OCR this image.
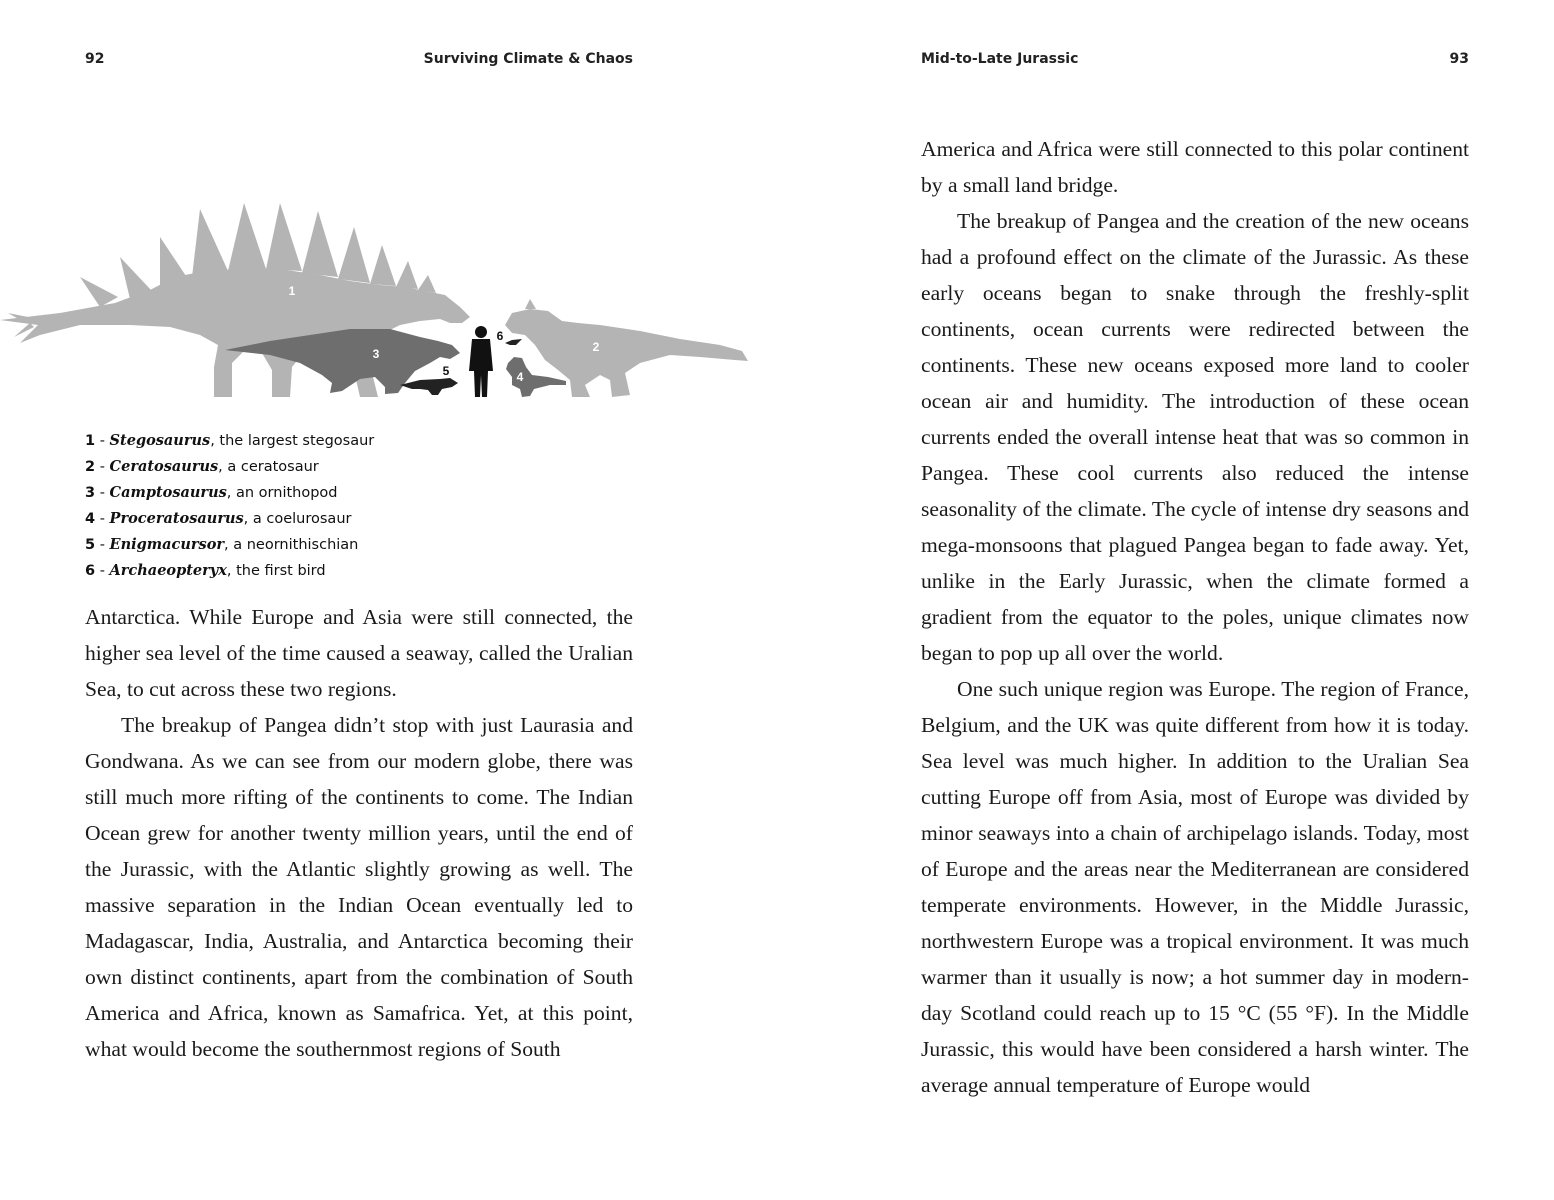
92	Surviving Climate & Chaos
1
2
3
5
6
4
1 - Stegosaurus, the largest stegosaur
2 - Ceratosaurus, a ceratosaur
3 - Camptosaurus, an ornithopod
4 - Proceratosaurus, a coelurosaur
5 - Enigmacursor, a neornithischian
6 - Archaeopteryx, the first bird

Antarctica. While Europe and Asia were still connected, the higher sea level of the time caused a seaway, called the Uralian Sea, to cut across these two regions.

The breakup of Pangea didn’t stop with just Laurasia and Gondwana. As we can see from our modern globe, there was still much more rifting of the continents to come. The Indian Ocean grew for another twenty million years, until the end of the Jurassic, with the Atlantic slightly growing as well. The massive separation in the Indian Ocean eventually led to Madagascar, India, Australia, and Antarctica becoming their own distinct continents, apart from the combination of South America and Africa, known as Samafrica. Yet, at this point, what would become the southernmost regions of South

Mid-to-Late Jurassic	93

America and Africa were still connected to this polar continent by a small land bridge.

The breakup of Pangea and the creation of the new oceans had a profound effect on the climate of the Jurassic. As these early oceans began to snake through the freshly-split continents, ocean currents were redirected between the continents. These new oceans exposed more land to cooler ocean air and humidity. The introduction of these ocean currents ended the overall intense heat that was so common in Pangea. These cool currents also reduced the intense seasonality of the climate. The cycle of intense dry seasons and mega-monsoons that plagued Pangea began to fade away. Yet, unlike in the Early Jurassic, when the climate formed a gradient from the equator to the poles, unique climates now began to pop up all over the world.

One such unique region was Europe. The region of France, Belgium, and the UK was quite different from how it is today. Sea level was much higher. In addition to the Uralian Sea cutting Europe off from Asia, most of Europe was divided by minor seaways into a chain of archipelago islands. Today, most of Europe and the areas near the Mediterranean are considered temperate environments. However, in the Middle Jurassic, northwestern Europe was a tropical environment. It was much warmer than it usually is now; a hot summer day in modern-day Scotland could reach up to 15 °C (55 °F). In the Middle Jurassic, this would have been considered a harsh winter. The average annual temperature of Europe would
